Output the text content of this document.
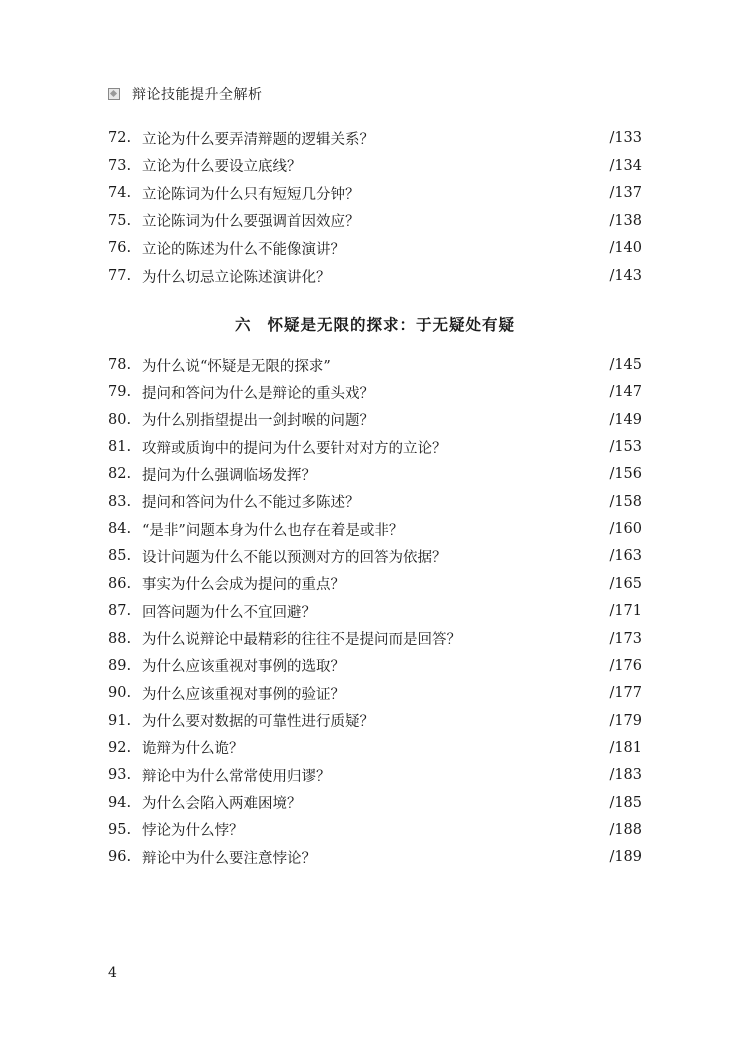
辩论技能提升全解析
六 怀疑是无限的探求：于无疑处有疑
72. 立论为什么要弄清辩题的逻辑关系？	/133
73. 立论为什么要设立底线？	/134
74. 立论陈词为什么只有短短几分钟？	/137
75. 立论陈词为什么要强调首因效应？	/138
76. 立论的陈述为什么不能像演讲？	/140
77. 为什么切忌立论陈述演讲化？	/143
78. 为什么说“怀疑是无限的探求”	/145
79. 提问和答问为什么是辩论的重头戏？	/147
80. 为什么别指望提出一剑封喉的问题？	/149
81. 攻辩或质询中的提问为什么要针对对方的立论？	/153
82. 提问为什么强调临场发挥？	/156
83. 提问和答问为什么不能过多陈述？	/158
84. “是非”问题本身为什么也存在着是或非？	/160
85. 设计问题为什么不能以预测对方的回答为依据？	/163
86. 事实为什么会成为提问的重点？	/165
87. 回答问题为什么不宜回避？	/171
88. 为什么说辩论中最精彩的往往不是提问而是回答？	/173
89. 为什么应该重视对事例的选取？	/176
90. 为什么应该重视对事例的验证？	/177
91. 为什么要对数据的可靠性进行质疑？	/179
92. 诡辩为什么诡？	/181
93. 辩论中为什么常常使用归谬？	/183
94. 为什么会陷入两难困境？	/185
95. 悖论为什么悖？	/188
96. 辩论中为什么要注意悖论？	/189
4
